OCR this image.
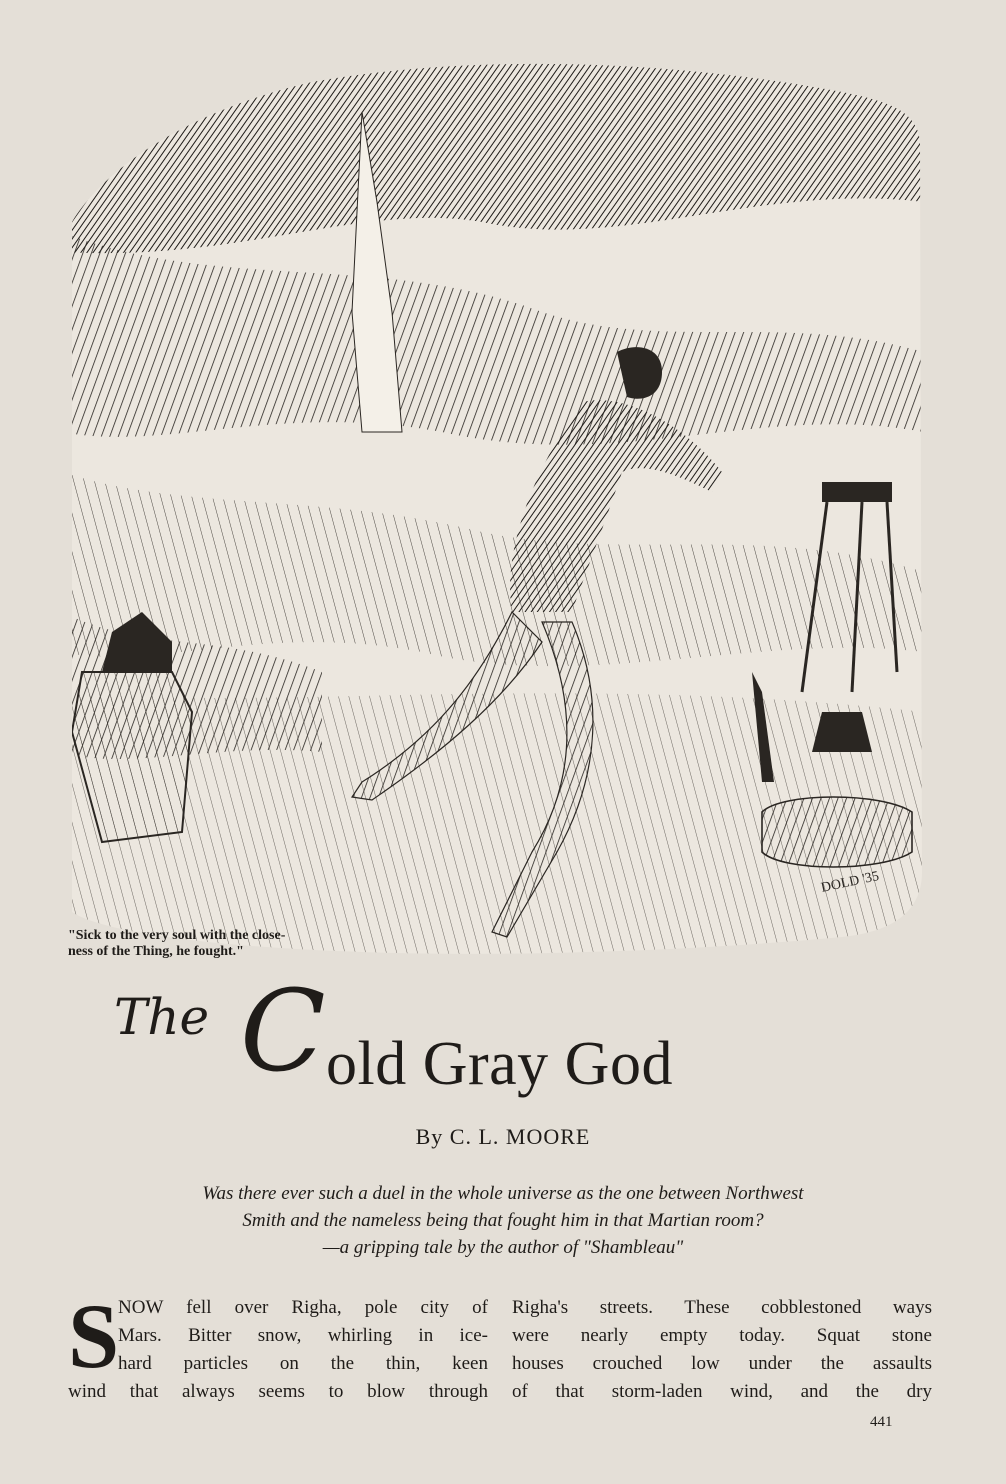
DOLD '35
"Sick to the very soul with the close-
ness of the Thing, he fought."
The C old Gray God
By C. L. MOORE
Was there ever such a duel in the whole universe as the one between Northwest
Smith and the nameless being that fought him in that Martian room?
—a gripping tale by the author of "Shambleau"
S
NOW fell over Righa, pole city of
Mars. Bitter snow, whirling in ice-
hard particles on the thin, keen
wind that always seems to blow through
Righa's streets. These cobblestoned ways
were nearly empty today. Squat stone
houses crouched low under the assaults
of that storm-laden wind, and the dry
441
